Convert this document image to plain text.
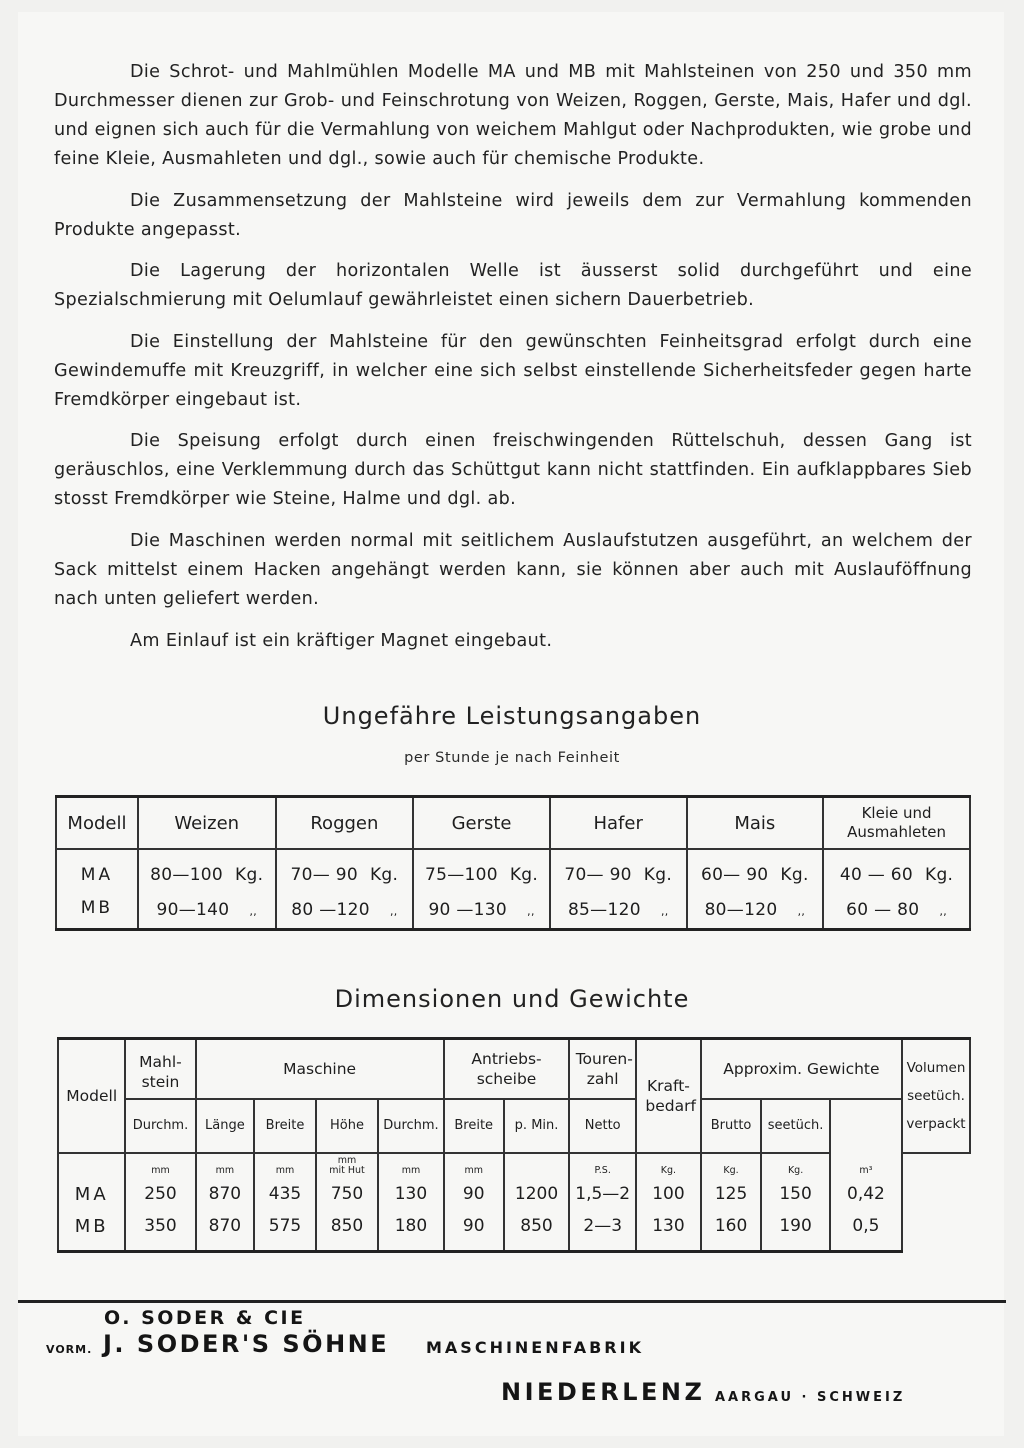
Die Schrot- und Mahlmühlen Modelle MA und MB mit Mahlsteinen von 250 und 350 mm Durchmesser dienen zur Grob- und Feinschrotung von Weizen, Roggen, Gerste, Mais, Hafer und dgl. und eignen sich auch für die Vermahlung von weichem Mahlgut oder Nachprodukten, wie grobe und feine Kleie, Ausmahleten und dgl., sowie auch für chemische Produkte.

Die Zusammensetzung der Mahlsteine wird jeweils dem zur Vermahlung kommenden Produkte angepasst.

Die Lagerung der horizontalen Welle ist äusserst solid durchgeführt und eine Spezialschmierung mit Oelumlauf gewährleistet einen sichern Dauerbetrieb.

Die Einstellung der Mahlsteine für den gewünschten Feinheitsgrad erfolgt durch eine Gewindemuffe mit Kreuzgriff, in welcher eine sich selbst einstellende Sicherheitsfeder gegen harte Fremdkörper eingebaut ist.

Die Speisung erfolgt durch einen freischwingenden Rüttelschuh, dessen Gang ist geräuschlos, eine Verklemmung durch das Schüttgut kann nicht stattfinden. Ein aufklappbares Sieb stosst Fremdkörper wie Steine, Halme und dgl. ab.

Die Maschinen werden normal mit seitlichem Auslaufstutzen ausgeführt, an welchem der Sack mittelst einem Hacken angehängt werden kann, sie können aber auch mit Auslauföffnung nach unten geliefert werden.

Am Einlauf ist ein kräftiger Magnet eingebaut.

Ungefähre Leistungsangaben
per Stunde je nach Feinheit
Modell	Weizen	Roggen	Gerste	Hafer	Mais	Kleie und Ausmahleten
MA	80—100 Kg.	70— 90 Kg.	75—100 Kg.	70— 90 Kg.	60— 90 Kg.	40 — 60 Kg.
MB	90—140 ‚‚	80 —120 ‚‚	90 —130 ‚‚	85—120 ‚‚	80—120 ‚‚	60 — 80 ‚‚
Dimensionen und Gewichte
Modell	Mahl-stein	Maschine				Antriebs-scheibe		Touren-zahl	Kraft-bedarf	Approxim. Gewichte			Volumen seetüch. verpackt
	Durchm.	Länge	Breite	Höhe	Durchm.	Breite	p. Min.	Netto		Brutto	seetüch.		
	mm	mm	mm	mm mit Hut	mm	mm		P.S.	Kg.	Kg.	Kg.	m³	
MA	250	870	435	750	130	90	1200	1,5—2	100	125	150	0,42	
MB	350	870	575	850	180	90	850	2—3	130	160	190	0,5	
O. SODER & CIE
VORM. J. SODER'S SÖHNE MASCHINENFABRIK
NIEDERLENZ AARGAU · SCHWEIZ
